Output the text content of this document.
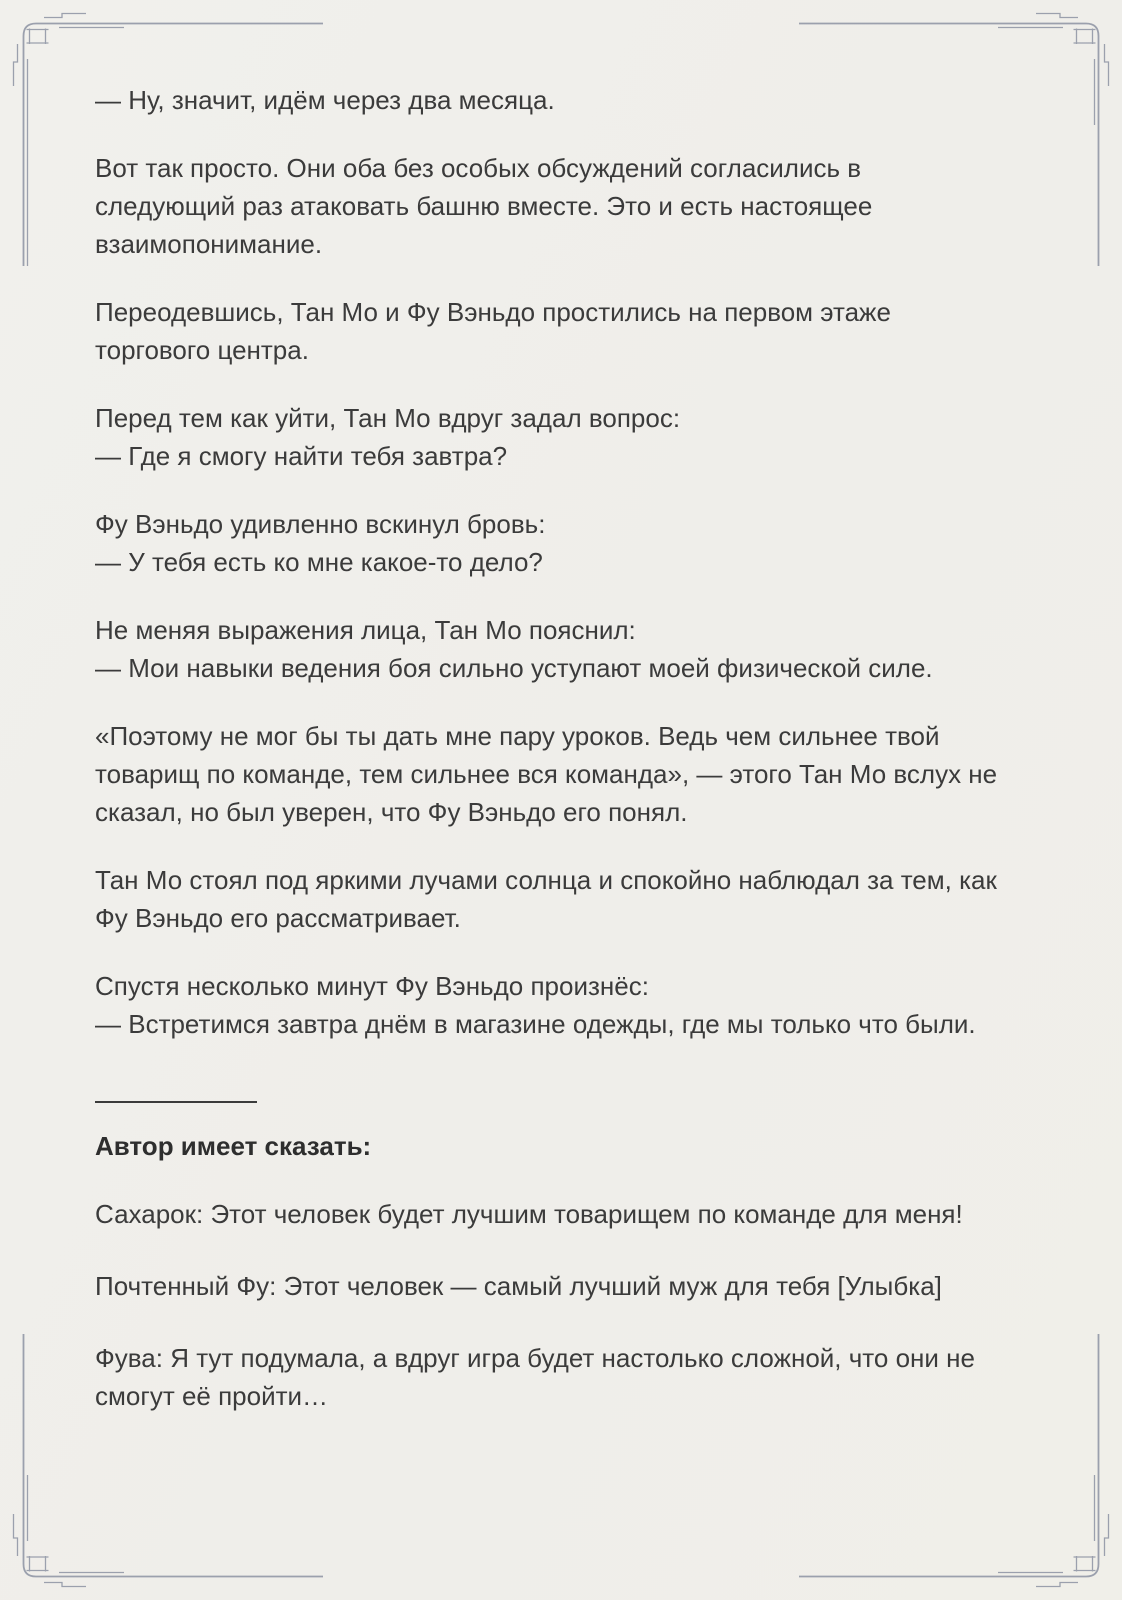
— Ну, значит, идём через два месяца.

Вот так просто. Они оба без особых обсуждений согласились в следующий раз атаковать башню вместе. Это и есть настоящее взаимопонимание.

Переодевшись, Тан Мо и Фу Вэньдо простились на первом этаже торгового центра.

Перед тем как уйти, Тан Мо вдруг задал вопрос:

— Где я смогу найти тебя завтра?

Фу Вэньдо удивленно вскинул бровь:

— У тебя есть ко мне какое-то дело?

Не меняя выражения лица, Тан Мо пояснил:

— Мои навыки ведения боя сильно уступают моей физической силе.

«Поэтому не мог бы ты дать мне пару уроков. Ведь чем сильнее твой товарищ по команде, тем сильнее вся команда», — этого Тан Мо вслух не сказал, но был уверен, что Фу Вэньдо его понял.

Тан Мо стоял под яркими лучами солнца и спокойно наблюдал за тем, как Фу Вэньдо его рассматривает.

Спустя несколько минут Фу Вэньдо произнёс:

— Встретимся завтра днём в магазине одежды, где мы только что были.

Автор имеет сказать:

Сахарок: Этот человек будет лучшим товарищем по команде для меня!

Почтенный Фу: Этот человек — самый лучший муж для тебя [Улыбка]

Фува: Я тут подумала, а вдруг игра будет настолько сложной, что они не смогут её пройти…
